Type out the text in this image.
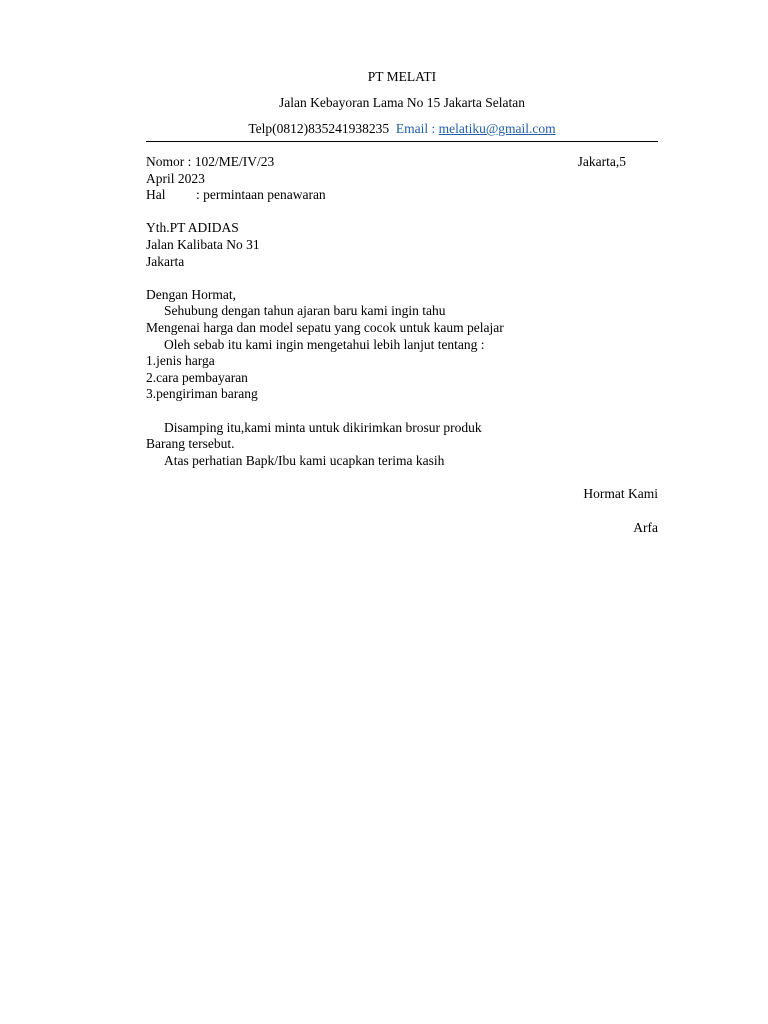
PT MELATI
Jalan Kebayoran Lama No 15 Jakarta Selatan
Telp(0812)835241938235 Email : melatiku@gmail.com
Nomor : 102/ME/IV/23	Jakarta,5
April 2023
Hal : permintaan penawaran
Yth.PT ADIDAS
Jalan Kalibata No 31
Jakarta
Dengan Hormat,
Sehubung dengan tahun ajaran baru kami ingin tahu
Mengenai harga dan model sepatu yang cocok untuk kaum pelajar
Oleh sebab itu kami ingin mengetahui lebih lanjut tentang :
1.jenis harga
2.cara pembayaran
3.pengiriman barang
Disamping itu,kami minta untuk dikirimkan brosur produk
Barang tersebut.
Atas perhatian Bapk/Ibu kami ucapkan terima kasih
Hormat Kami
Arfa
